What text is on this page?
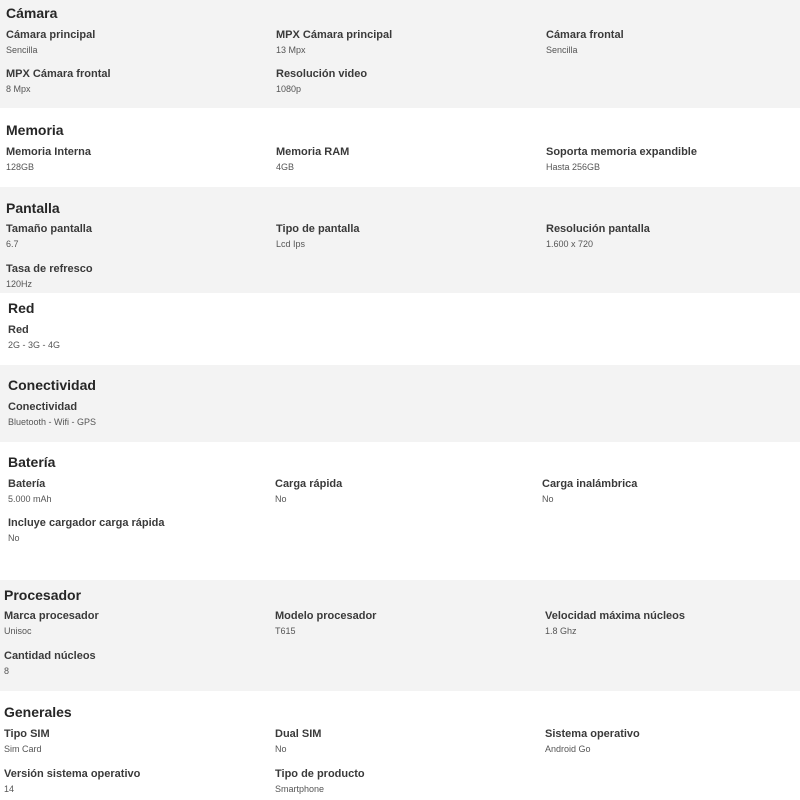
Cámara
Cámara principal
Sencilla
MPX Cámara principal
13 Mpx
Cámara frontal
Sencilla
MPX Cámara frontal
8 Mpx
Resolución video
1080p
Memoria
Memoria Interna
128GB
Memoria RAM
4GB
Soporta memoria expandible
Hasta 256GB
Pantalla
Tamaño pantalla
6.7
Tipo de pantalla
Lcd Ips
Resolución pantalla
1.600 x 720
Tasa de refresco
120Hz
Red
Red
2G - 3G - 4G
Conectividad
Conectividad
Bluetooth - Wifi - GPS
Batería
Batería
5.000 mAh
Carga rápida
No
Carga inalámbrica
No
Incluye cargador carga rápida
No
Procesador
Marca procesador
Unisoc
Modelo procesador
T615
Velocidad máxima núcleos
1.8 Ghz
Cantidad núcleos
8
Generales
Tipo SIM
Sim Card
Dual SIM
No
Sistema operativo
Android Go
Versión sistema operativo
14
Tipo de producto
Smartphone
